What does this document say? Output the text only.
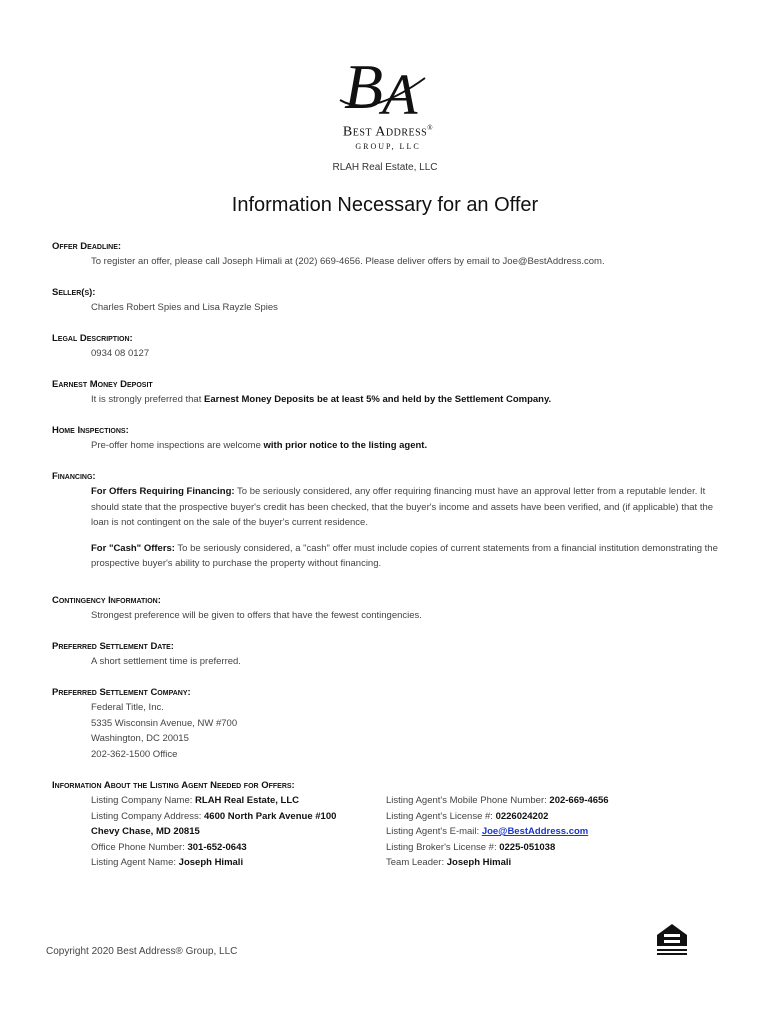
B
A
Best Address®
GROUP, LLC
RLAH Real Estate, LLC
Information Necessary for an Offer
Offer Deadline:
To register an offer, please call Joseph Himali at (202) 669-4656. Please deliver offers by email to Joe@BestAddress.com.
Seller(s):
Charles Robert Spies and Lisa Rayzle Spies
Legal Description:
0934 08 0127
Earnest Money Deposit
It is strongly preferred that Earnest Money Deposits be at least 5% and held by the Settlement Company.
Home Inspections:
Pre-offer home inspections are welcome with prior notice to the listing agent.
Financing:
For Offers Requiring Financing: To be seriously considered, any offer requiring financing must have an approval letter from a reputable lender. It should state that the prospective buyer's credit has been checked, that the buyer's income and assets have been verified, and (if applicable) that the loan is not contingent on the sale of the buyer's current residence.
For "Cash" Offers: To be seriously considered, a "cash" offer must include copies of current statements from a financial institution demonstrating the prospective buyer's ability to purchase the property without financing.
Contingency Information:
Strongest preference will be given to offers that have the fewest contingencies.
Preferred Settlement Date:
A short settlement time is preferred.
Preferred Settlement Company:
Federal Title, Inc.
5335 Wisconsin Avenue, NW #700
Washington, DC 20015
202-362-1500 Office
Information About the Listing Agent Needed for Offers:
Listing Company Name: RLAH Real Estate, LLC
Listing Company Address: 4600 North Park Avenue #100
Chevy Chase, MD 20815
Office Phone Number: 301-652-0643
Listing Agent Name: Joseph Himali
Listing Agent's Mobile Phone Number: 202-669-4656
Listing Agent's License #: 0226024202
Listing Agent's E-mail: Joe@BestAddress.com
Listing Broker's License #: 0225-051038
Team Leader: Joseph Himali
Copyright 2020 Best Address® Group, LLC
